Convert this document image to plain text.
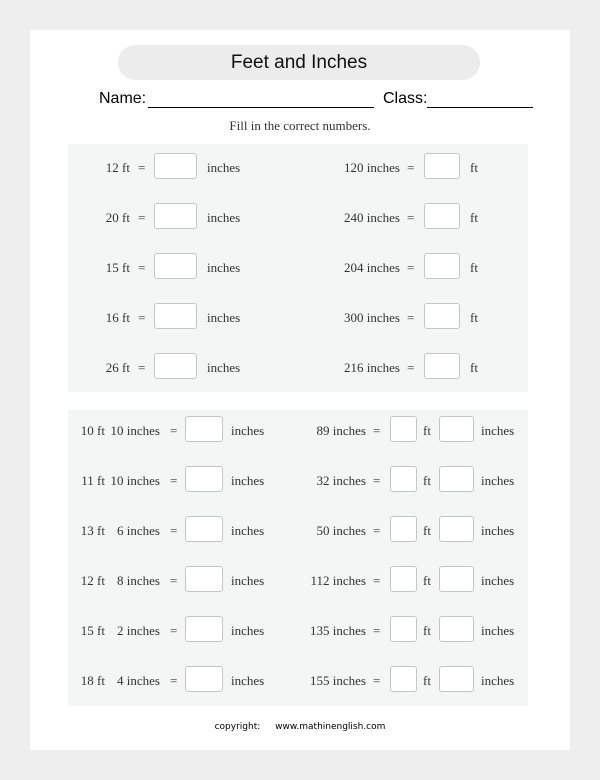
Feet and Inches
Name:	Class:
Fill in the correct numbers.
12 ft =	inches	120 inches =	ft
20 ft =	inches	240 inches =	ft
15 ft =	inches	204 inches =	ft
16 ft =	inches	300 inches =	ft
26 ft =	inches	216 inches =	ft
10 ft 10 inches =	inches	89 inches =	ft	inches
11 ft 10 inches =	inches	32 inches =	ft	inches
13 ft 6 inches =	inches	50 inches =	ft	inches
12 ft 8 inches =	inches	112 inches =	ft	inches
15 ft 2 inches =	inches	135 inches =	ft	inches
18 ft 4 inches =	inches	155 inches =	ft	inches
copyright: www.mathinenglish.com
